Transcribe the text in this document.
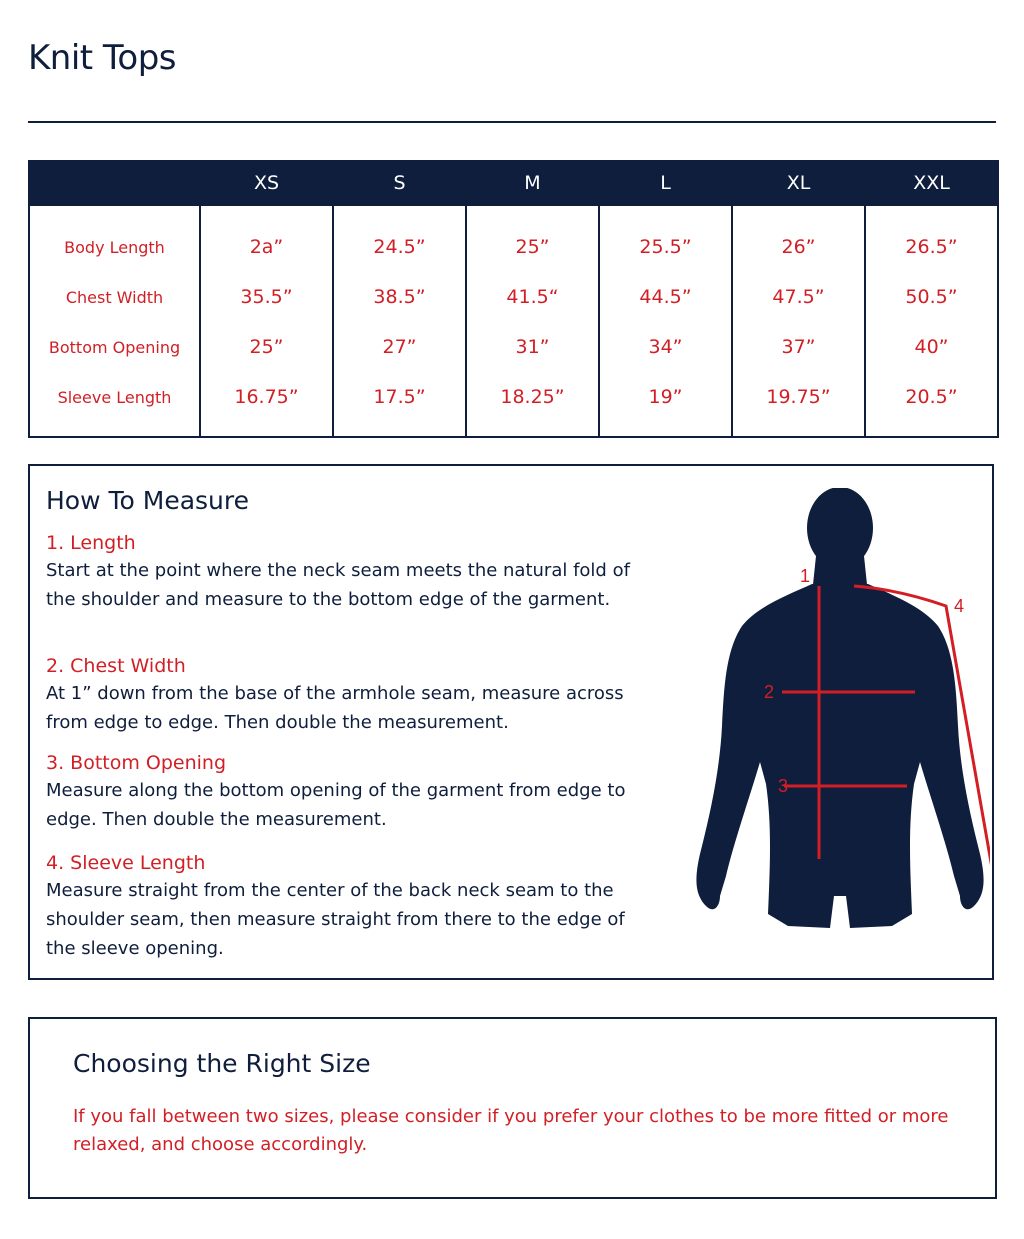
Knit Tops
	XS	S	M	L	XL	XXL
Body Length	2a”	24.5”	25”	25.5”	26”	26.5”
Chest Width	35.5”	38.5”	41.5“	44.5”	47.5”	50.5”
Bottom Opening	25”	27”	31”	34”	37”	40”
Sleeve Length	16.75”	17.5”	18.25”	19”	19.75”	20.5”
How To Measure
1. Length
Start at the point where the neck seam meets the natural fold of the shoulder and measure to the bottom edge of the garment.
2. Chest Width
At 1” down from the base of the armhole seam, measure across from edge to edge. Then double the measurement.
3. Bottom Opening
Measure along the bottom opening of the garment from edge to edge. Then double the measurement.
4. Sleeve Length
Measure straight from the center of the back neck seam to the shoulder seam, then measure straight from there to the edge of the sleeve opening.
1
2
3
4
Choosing the Right Size
If you fall between two sizes, please consider if you prefer your clothes to be more fitted or more relaxed, and choose accordingly.
